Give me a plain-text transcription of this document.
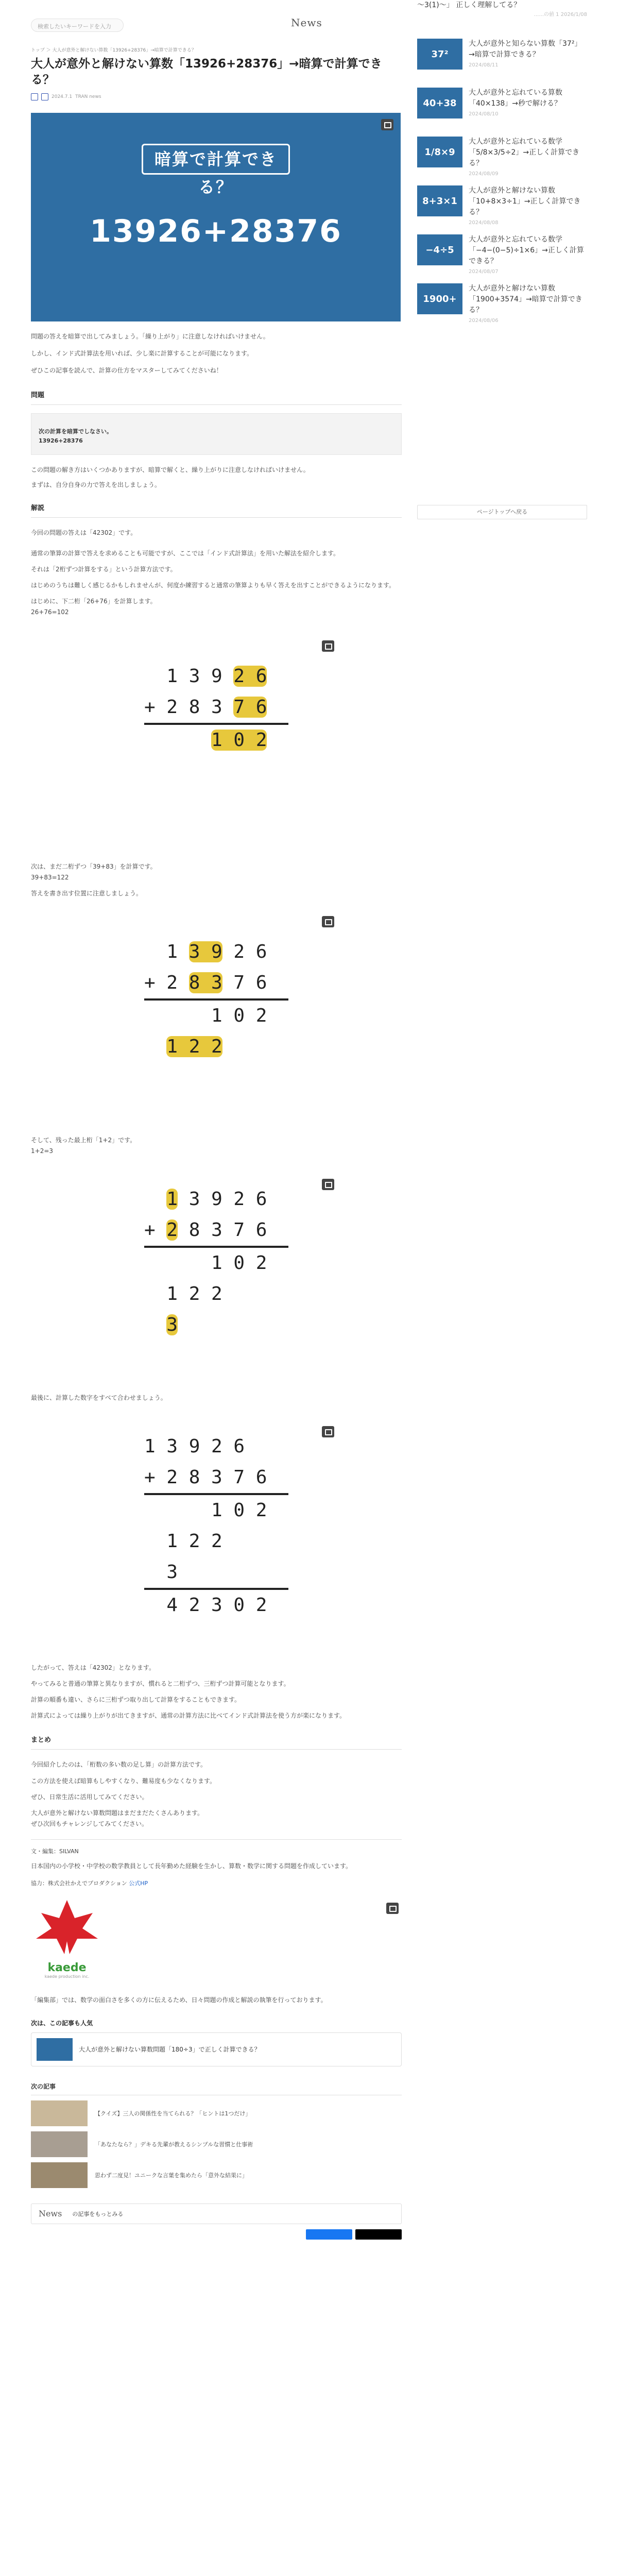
検索したいキーワードを入力	News
〜3(1)〜」 正しく理解してる？
......の値 1 2026/1/08
37²
大人が意外と知らない算数「37²」→暗算で計算できる？
2024/08/11
40+38
大人が意外と忘れている算数「40×138」→秒で解ける？
2024/08/10
1/8×9
大人が意外と忘れている数学「5/8×3/5÷2」→正しく計算できる？
2024/08/09
8+3×1
大人が意外と解けない算数「10+8×3÷1」→正しく計算できる？
2024/08/08
−4÷5
大人が意外と忘れている数学「−4−(0−5)÷1×6」→正しく計算できる？
2024/08/07
1900+
大人が意外と解けない算数「1900+3574」→暗算で計算できる？
2024/08/06
ページトップへ戻る
トップ ＞ 大人が意外と解けない算数「13926+28376」→暗算で計算できる？
大人が意外と解けない算数「13926+28376」→暗算で計算できる？
2024.7.1 TRAN news
暗算で計算できる？
13926+28376

問題の答えを暗算で出してみましょう。「繰り上がり」に注意しなければいけません。

しかし、インド式計算法を用いれば、少し楽に計算することが可能になります。

ぜひこの記事を読んで、計算の仕方をマスターしてみてくださいね！

問題
次の計算を暗算でしなさい。
13926+28376

この問題の解き方はいくつかありますが、暗算で解くと、繰り上がりに注意しなければいけません。

まずは、自分自身の力で答えを出しましょう。

解説

今回の問題の答えは「42302」です。

通常の筆算の計算で答えを求めることも可能ですが、ここでは「インド式計算法」を用いた解法を紹介します。

それは「2桁ずつ計算をする」という計算方法です。

はじめのうちは難しく感じるかもしれませんが、何度か練習すると通常の筆算よりも早く答えを出すことができるようになります。

はじめに、下二桁「26+76」を計算します。

26+76=102

1 3 9 2 6
+ 2 8 3 7 6
1 0 2

次は、まだ二桁ずつ「39+83」を計算です。

39+83=122

答えを書き出す位置に注意しましょう。

1 3 9 2 6
+ 2 8 3 7 6
1 0 2
1 2 2

そして、残った最上桁「1+2」です。

1+2=3

1 3 9 2 6
+ 2 8 3 7 6
1 0 2
1 2 2
3

最後に、計算した数字をすべて合わせましょう。

1 3 9 2 6
+ 2 8 3 7 6
1 0 2
1 2 2
3
4 2 3 0 2

したがって、答えは「42302」となります。

やってみると普通の筆算と異なりますが、慣れると二桁ずつ、三桁ずつ計算可能となります。

計算の順番も違い、さらに三桁ずつ取り出して計算をすることもできます。

計算式によっては繰り上がりが出てきますが、通常の計算方法に比べてインド式計算法を使う方が楽になります。

まとめ

今回紹介したのは、「桁数の多い数の足し算」の計算方法です。

この方法を使えば暗算もしやすくなり、難易度も少なくなります。

ぜひ、日常生活に活用してみてください。

大人が意外と解けない算数問題はまだまだたくさんあります。

ぜひ次回もチャレンジしてみてください。

文・編集：SILVAN

日本国内の小学校・中学校の数学教員として長年勤めた経験を生かし、算数・数学に関する問題を作成しています。

協力：株式会社かえでプロダクション 公式HP
kaede
kaede production inc.

「編集部」では、数学の面白さを多くの方に伝えるため、日々問題の作成と解説の執筆を行っております。

次は、この記事も人気
大人が意外と解けない算数問題「180÷3」で正しく計算できる？
次の記事
【クイズ】三人の関係性を当てられる？「ヒントは1つだけ」
「あなたなら？」デキる先輩が教えるシンプルな習慣と仕事術
思わず二度見！ユニークな言葉を集めたら「意外な結果に」
News の記事をもっとみる
